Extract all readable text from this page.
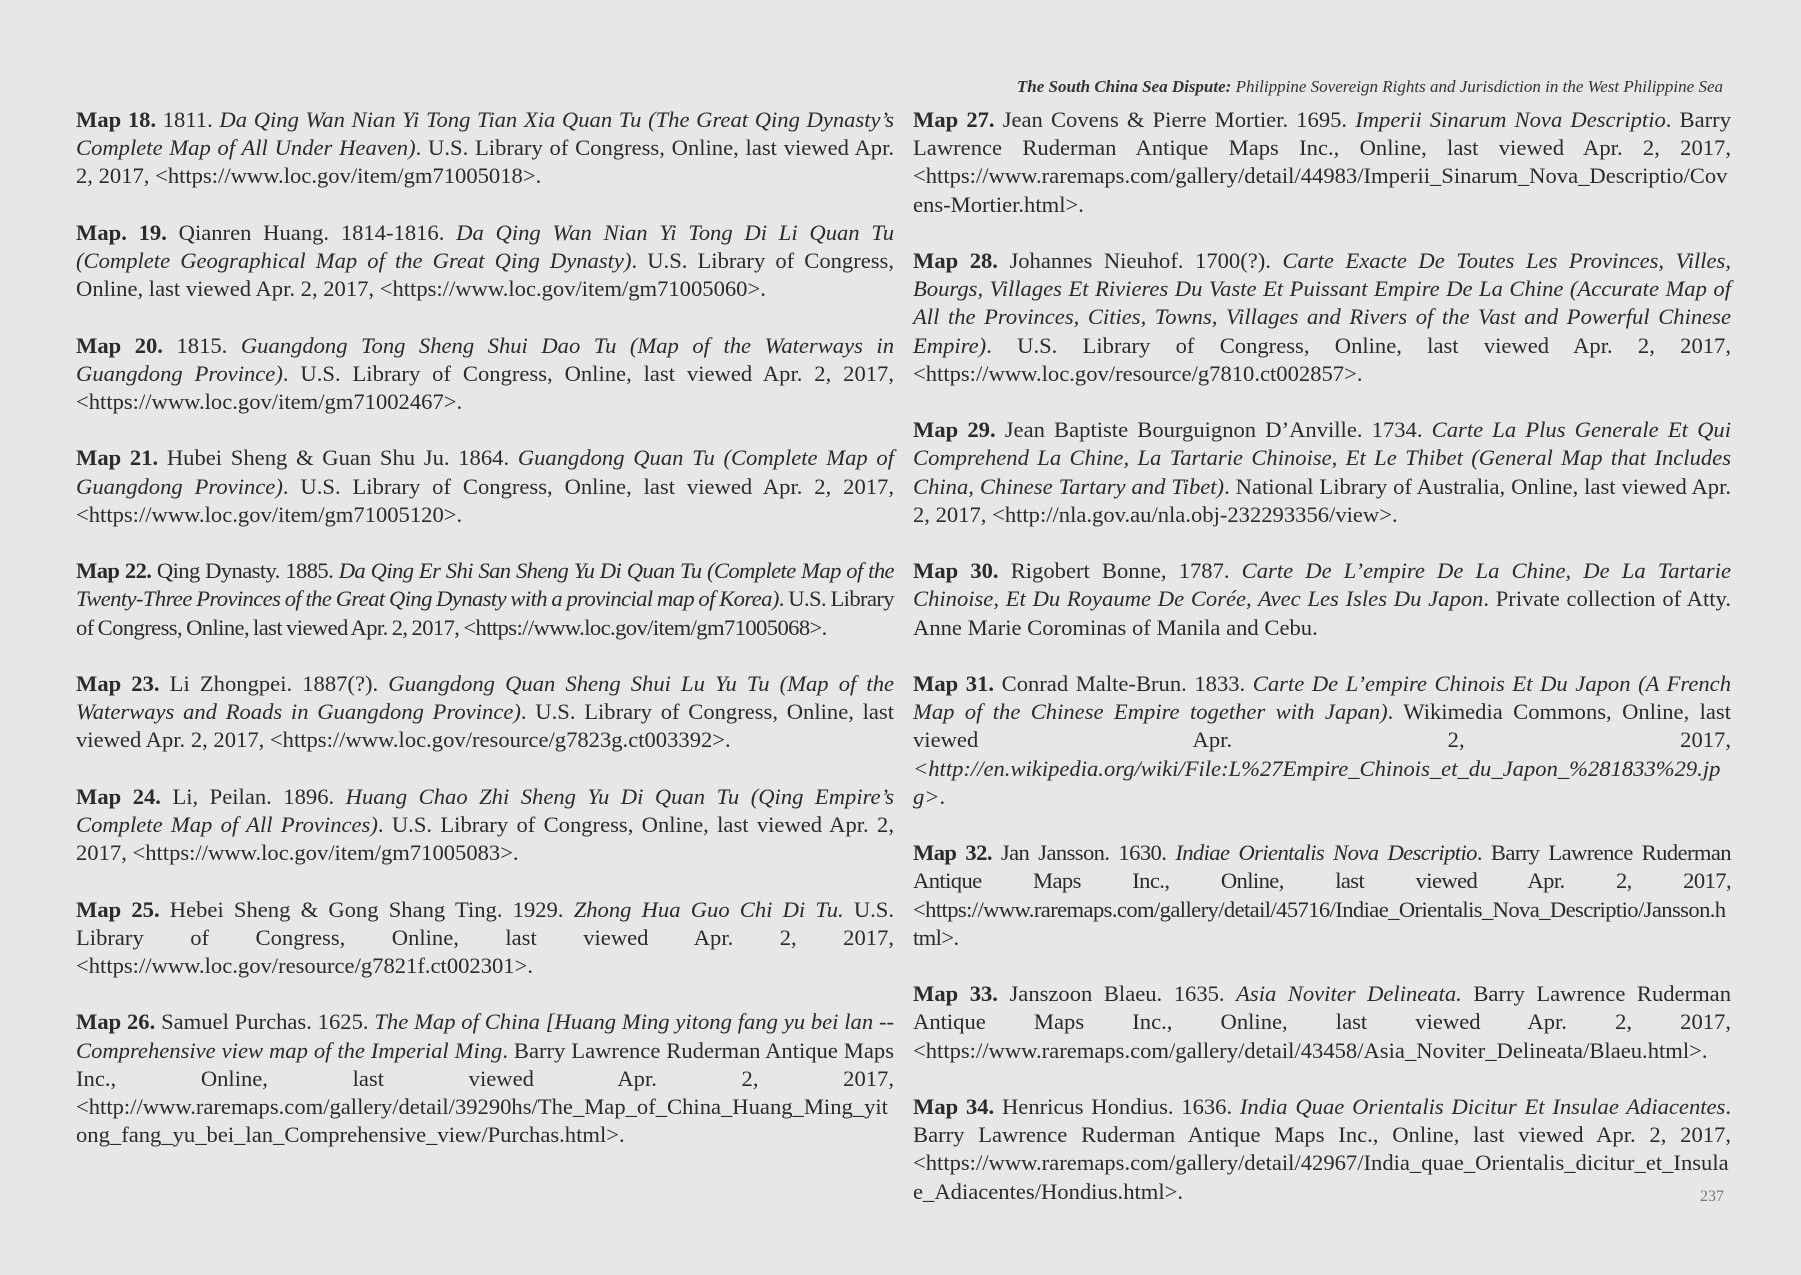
The South China Sea Dispute: Philippine Sovereign Rights and Jurisdiction in the West Philippine Sea

Map 18. 1811. Da Qing Wan Nian Yi Tong Tian Xia Quan Tu (The Great Qing Dynasty’s Complete Map of All Under Heaven). U.S. Library of Congress, Online, last viewed Apr. 2, 2017, <https://www.loc.gov/item/gm71005018>.

Map. 19. Qianren Huang. 1814-1816. Da Qing Wan Nian Yi Tong Di Li Quan Tu (Complete Geographical Map of the Great Qing Dynasty). U.S. Library of Congress, Online, last viewed Apr. 2, 2017, <https://www.loc.gov/item/gm71005060>.

Map 20. 1815. Guangdong Tong Sheng Shui Dao Tu (Map of the Waterways in Guangdong Province). U.S. Library of Congress, Online, last viewed Apr. 2, 2017, <https://www.loc.gov/item/gm71002467>.

Map 21. Hubei Sheng & Guan Shu Ju. 1864. Guangdong Quan Tu (Complete Map of Guangdong Province). U.S. Library of Congress, Online, last viewed Apr. 2, 2017, <https://www.loc.gov/item/gm71005120>.

Map 22. Qing Dynasty. 1885. Da Qing Er Shi San Sheng Yu Di Quan Tu (Complete Map of the Twenty-Three Provinces of the Great Qing Dynasty with a provincial map of Korea). U.S. Library of Congress, Online, last viewed Apr. 2, 2017, <https://www.loc.gov/item/gm71005068>.

Map 23. Li Zhongpei. 1887(?). Guangdong Quan Sheng Shui Lu Yu Tu (Map of the Waterways and Roads in Guangdong Province). U.S. Library of Congress, Online, last viewed Apr. 2, 2017, <https://www.loc.gov/resource/g7823g.ct003392>.

Map 24. Li, Peilan. 1896. Huang Chao Zhi Sheng Yu Di Quan Tu (Qing Empire’s Complete Map of All Provinces). U.S. Library of Congress, Online, last viewed Apr. 2, 2017, <https://www.loc.gov/item/gm71005083>.

Map 25. Hebei Sheng & Gong Shang Ting. 1929. Zhong Hua Guo Chi Di Tu. U.S. Library of Congress, Online, last viewed Apr. 2, 2017, <https://www.loc.gov/resource/g7821f.ct002301>.

Map 26. Samuel Purchas. 1625. The Map of China [Huang Ming yitong fang yu bei lan -- Comprehensive view map of the Imperial Ming. Barry Lawrence Ruderman Antique Maps Inc., Online, last viewed Apr. 2, 2017, <http://www.raremaps.com/gallery/detail/39290hs/The_Map_of_China_Huang_Ming_yitong_fang_yu_bei_lan_Comprehensive_view/Purchas.html>.

Map 27. Jean Covens & Pierre Mortier. 1695. Imperii Sinarum Nova Descriptio. Barry Lawrence Ruderman Antique Maps Inc., Online, last viewed Apr. 2, 2017, <https://www.raremaps.com/gallery/detail/44983/Imperii_Sinarum_Nova_Descriptio/Covens-Mortier.html>.

Map 28. Johannes Nieuhof. 1700(?). Carte Exacte De Toutes Les Provinces, Villes, Bourgs, Villages Et Rivieres Du Vaste Et Puissant Empire De La Chine (Accurate Map of All the Provinces, Cities, Towns, Villages and Rivers of the Vast and Powerful Chinese Empire). U.S. Library of Congress, Online, last viewed Apr. 2, 2017, <https://www.loc.gov/resource/g7810.ct002857>.

Map 29. Jean Baptiste Bourguignon D’Anville. 1734. Carte La Plus Generale Et Qui Comprehend La Chine, La Tartarie Chinoise, Et Le Thibet (General Map that Includes China, Chinese Tartary and Tibet). National Library of Australia, Online, last viewed Apr. 2, 2017, <http://nla.gov.au/nla.obj-232293356/view>.

Map 30. Rigobert Bonne, 1787. Carte De L’empire De La Chine, De La Tartarie Chinoise, Et Du Royaume De Corée, Avec Les Isles Du Japon. Private collection of Atty. Anne Marie Corominas of Manila and Cebu.

Map 31. Conrad Malte-Brun. 1833. Carte De L’empire Chinois Et Du Japon (A French Map of the Chinese Empire together with Japan). Wikimedia Commons, Online, last viewed Apr. 2, 2017, <http://en.wikipedia.org/wiki/File:L%27Empire_Chinois_et_du_Japon_%281833%29.jpg>.

Map 32. Jan Jansson. 1630. Indiae Orientalis Nova Descriptio. Barry Lawrence Ruderman Antique Maps Inc., Online, last viewed Apr. 2, 2017, <https://www.raremaps.com/gallery/detail/45716/Indiae_Orientalis_Nova_Descriptio/Jansson.html>.

Map 33. Janszoon Blaeu. 1635. Asia Noviter Delineata. Barry Lawrence Ruderman Antique Maps Inc., Online, last viewed Apr. 2, 2017, <https://www.raremaps.com/gallery/detail/43458/Asia_Noviter_Delineata/Blaeu.html>.

Map 34. Henricus Hondius. 1636. India Quae Orientalis Dicitur Et Insulae Adiacentes. Barry Lawrence Ruderman Antique Maps Inc., Online, last viewed Apr. 2, 2017, <https://www.raremaps.com/gallery/detail/42967/India_quae_Orientalis_dicitur_et_Insulae_Adiacentes/Hondius.html>.	237
